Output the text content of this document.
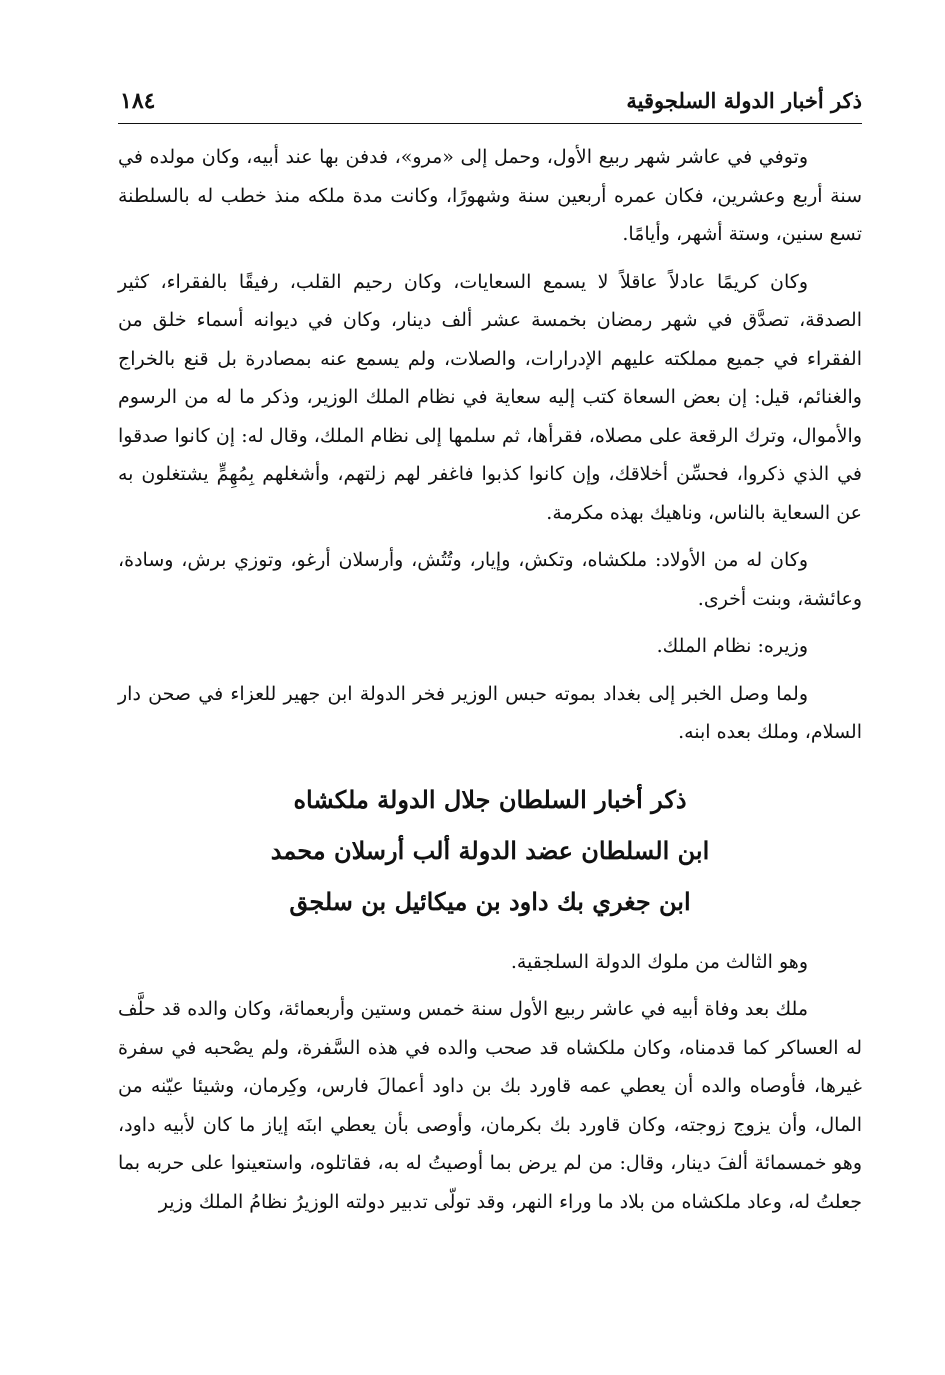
ذكر أخبار الدولة السلجوقية
١٨٤

وتوفي في عاشر شهر ربيع الأول، وحمل إلى «مرو»، فدفن بها عند أبيه، وكان مولده في سنة أربع وعشرين، فكان عمره أربعين سنة وشهورًا، وكانت مدة ملكه منذ خطب له بالسلطنة تسع سنين، وستة أشهر، وأيامًا.

وكان كريمًا عادلاً عاقلاً لا يسمع السعايات، وكان رحيم القلب، رفيقًا بالفقراء، كثير الصدقة، تصدَّق في شهر رمضان بخمسة عشر ألف دينار، وكان في ديوانه أسماء خلق من الفقراء في جميع مملكته عليهم الإدرارات، والصلات، ولم يسمع عنه بمصادرة بل قنع بالخراج والغنائم، قيل: إن بعض السعاة كتب إليه سعاية في نظام الملك الوزير، وذكر ما له من الرسوم والأموال، وترك الرقعة على مصلاه، فقرأها، ثم سلمها إلى نظام الملك، وقال له: إن كانوا صدقوا في الذي ذكروا، فحسِّن أخلاقك، وإن كانوا كذبوا فاغفر لهم زلتهم، وأشغلهم بِمُهِمٍّ يشتغلون به عن السعاية بالناس، وناهيك بهذه مكرمة.

وكان له من الأولاد: ملكشاه، وتكش، وإيار، وتُتُش، وأرسلان أرغو، وتوزي برش، وسادة، وعائشة، وبنت أخرى.

وزيره: نظام الملك.

ولما وصل الخبر إلى بغداد بموته حبس الوزير فخر الدولة ابن جهير للعزاء في صحن دار السلام، وملك بعده ابنه.

ذكر أخبار السلطان جلال الدولة ملكشاه
ابن السلطان عضد الدولة ألب أرسلان محمد
ابن جغري بك داود بن ميكائيل بن سلجق

وهو الثالث من ملوك الدولة السلجقية.

ملك بعد وفاة أبيه في عاشر ربيع الأول سنة خمس وستين وأربعمائة، وكان والده قد حلَّف له العساكر كما قدمناه، وكان ملكشاه قد صحب والده في هذه السَّفرة، ولم يصْحبه في سفرة غيرها، فأوصاه والده أن يعطي عمه قاورد بك بن داود أعمالَ فارس، وكِرمان، وشيئا عيّنه من المال، وأن يزوج زوجته، وكان قاورد بك بكرمان، وأوصى بأن يعطي ابنَه إياز ما كان لأبيه داود، وهو خمسمائة ألفَ دينار، وقال: من لم يرض بما أوصيتُ له به، فقاتلوه، واستعينوا على حربه بما جعلتُ له، وعاد ملكشاه من بلاد ما وراء النهر، وقد تولّى تدبير دولته الوزيرُ نظامُ الملك وزير
